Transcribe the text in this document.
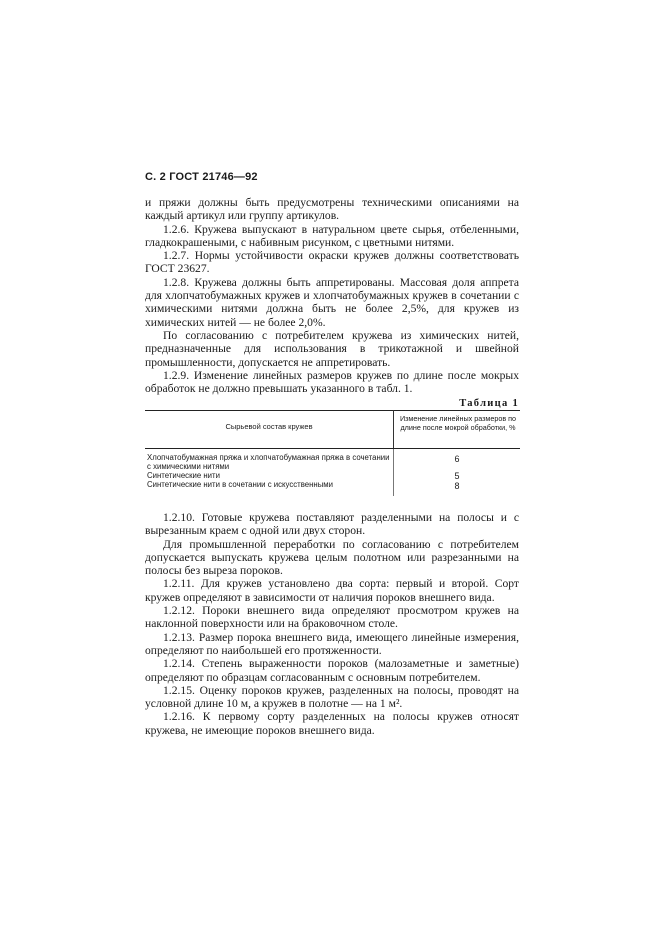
С. 2 ГОСТ 21746—92

и пряжи должны быть предусмотрены техническими описаниями на каждый артикул или группу артикулов.

1.2.6. Кружева выпускают в натуральном цвете сырья, отбеленными, гладкокрашеными, с набивным рисунком, с цветными нитями.

1.2.7. Нормы устойчивости окраски кружев должны соответствовать ГОСТ 23627.

1.2.8. Кружева должны быть аппретированы. Массовая доля аппрета для хлопчатобумажных кружев и хлопчатобумажных кружев в сочетании с химическими нитями должна быть не более 2,5%, для кружев из химических нитей — не более 2,0%.

По согласованию с потребителем кружева из химических нитей, предназначенные для использования в трикотажной и швейной промышленности, допускается не аппретировать.

1.2.9. Изменение линейных размеров кружев по длине после мокрых обработок не должно превышать указанного в табл. 1.

Таблица 1
Сырьевой состав кружев
Изменение линейных размеров по длине после мокрой обработки, %
Хлопчатобумажная пряжа и хлопчатобумажная пряжа в сочетании с химическими нитями
6
Синтетические нити	5
Синтетические нити в сочетании с искусственными	8

1.2.10. Готовые кружева поставляют разделенными на полосы и с вырезанным краем с одной или двух сторон.

Для промышленной переработки по согласованию с потребителем допускается выпускать кружева целым полотном или разрезанными на полосы без выреза пороков.

1.2.11. Для кружев установлено два сорта: первый и второй. Сорт кружев определяют в зависимости от наличия пороков внешнего вида.

1.2.12. Пороки внешнего вида определяют просмотром кружев на наклонной поверхности или на браковочном столе.

1.2.13. Размер порока внешнего вида, имеющего линейные измерения, определяют по наибольшей его протяженности.

1.2.14. Степень выраженности пороков (малозаметные и заметные) определяют по образцам согласованным с основным потребителем.

1.2.15. Оценку пороков кружев, разделенных на полосы, проводят на условной длине 10 м, а кружев в полотне — на 1 м².

1.2.16. К первому сорту разделенных на полосы кружев относят кружева, не имеющие пороков внешнего вида.
